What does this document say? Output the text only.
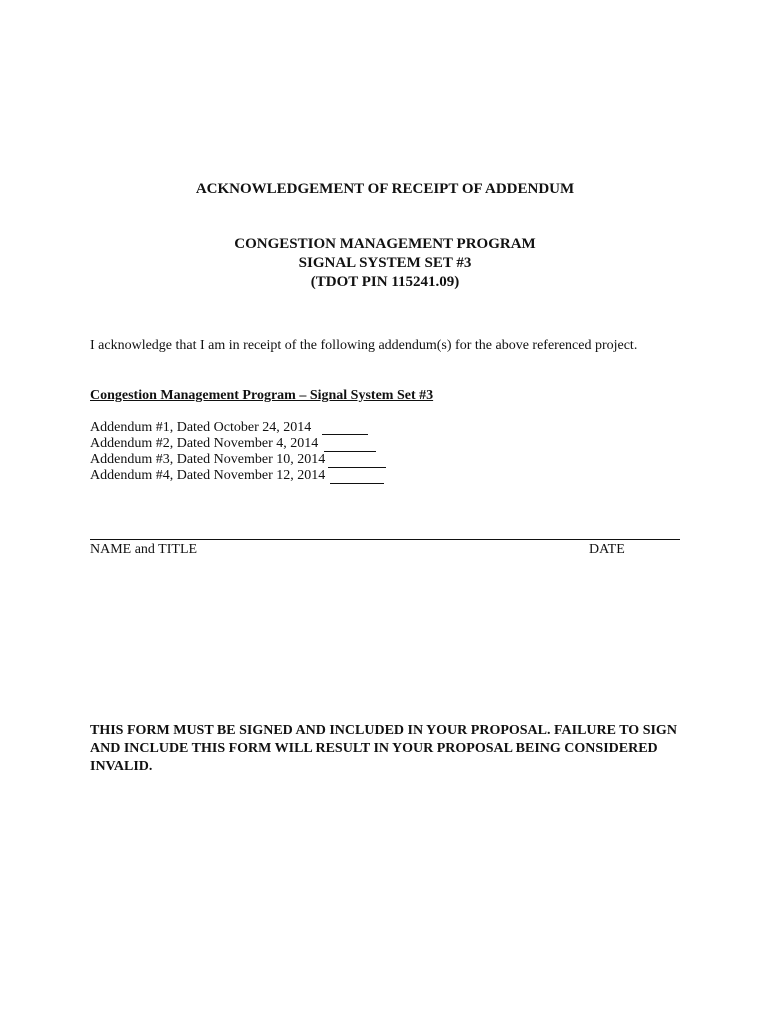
ACKNOWLEDGEMENT OF RECEIPT OF ADDENDUM
CONGESTION MANAGEMENT PROGRAM
SIGNAL SYSTEM SET #3
(TDOT PIN 115241.09)
I acknowledge that I am in receipt of the following addendum(s) for the above referenced project.
Congestion Management Program – Signal System Set #3
Addendum #1, Dated October 24, 2014
Addendum #2, Dated November 4, 2014
Addendum #3, Dated November 10, 2014
Addendum #4, Dated November 12, 2014
NAME and TITLE	DATE
THIS FORM MUST BE SIGNED AND INCLUDED IN YOUR PROPOSAL. FAILURE TO SIGN AND INCLUDE THIS FORM WILL RESULT IN YOUR PROPOSAL BEING CONSIDERED INVALID.
